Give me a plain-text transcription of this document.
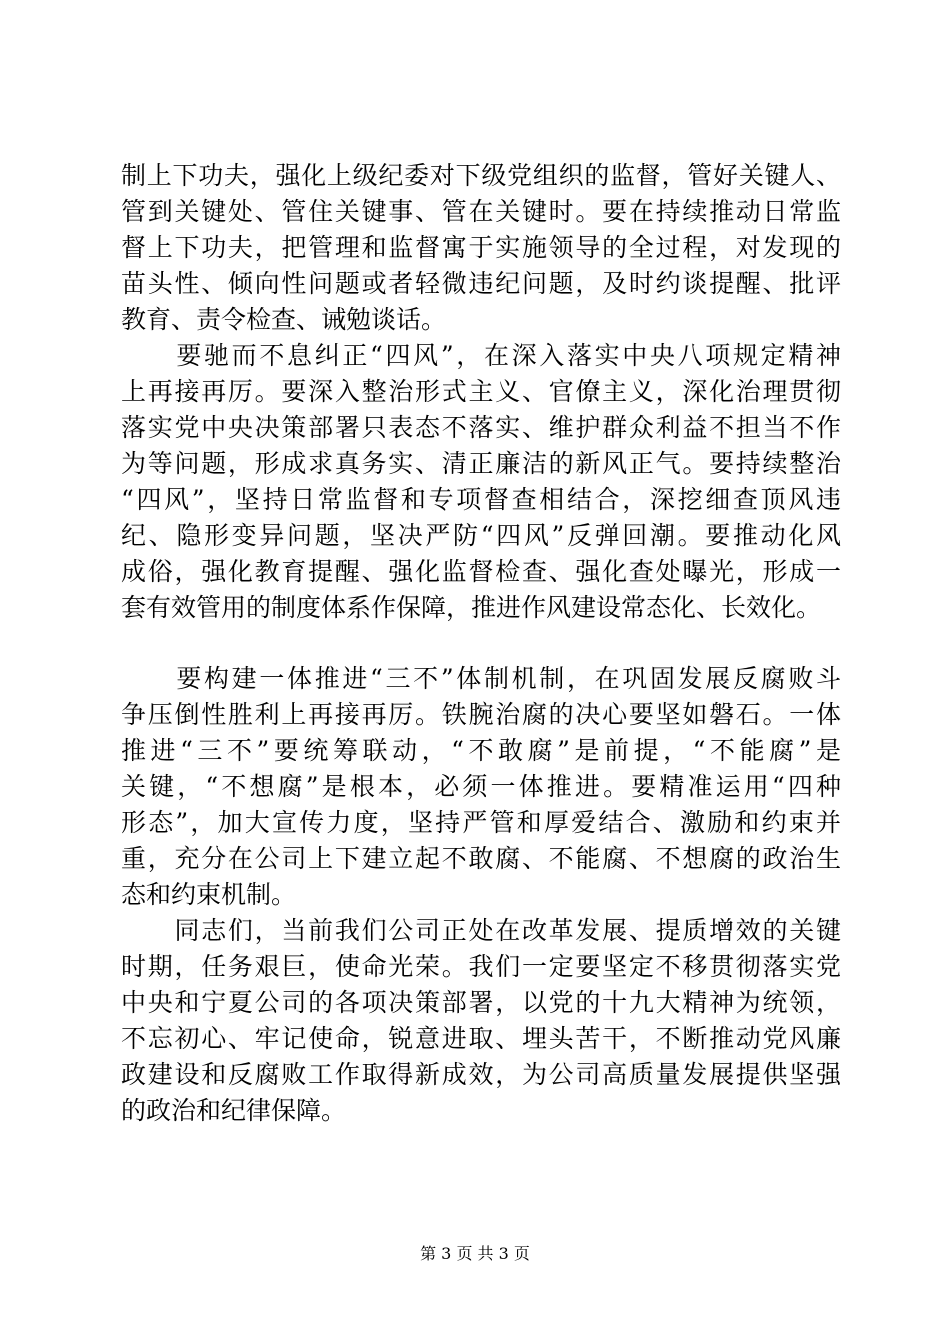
制上下功夫，强化上级纪委对下级党组织的监督，管好关键人、
管到关键处、管住关键事、管在关键时。要在持续推动日常监
督上下功夫，把管理和监督寓于实施领导的全过程，对发现的
苗头性、倾向性问题或者轻微违纪问题，及时约谈提醒、批评
教育、责令检查、诫勉谈话。
　　要驰而不息纠正“四风”，在深入落实中央八项规定精神
上再接再厉。要深入整治形式主义、官僚主义，深化治理贯彻
落实党中央决策部署只表态不落实、维护群众利益不担当不作
为等问题，形成求真务实、清正廉洁的新风正气。要持续整治
“四风”，坚持日常监督和专项督查相结合，深挖细查顶风违
纪、隐形变异问题，坚决严防“四风”反弹回潮。要推动化风
成俗，强化教育提醒、强化监督检查、强化查处曝光，形成一
套有效管用的制度体系作保障，推进作风建设常态化、长效化。
　　要构建一体推进“三不”体制机制，在巩固发展反腐败斗
争压倒性胜利上再接再厉。铁腕治腐的决心要坚如磐石。一体
推进“三不”要统筹联动，“不敢腐”是前提，“不能腐”是
关键，“不想腐”是根本，必须一体推进。要精准运用“四种
形态”，加大宣传力度，坚持严管和厚爱结合、激励和约束并
重，充分在公司上下建立起不敢腐、不能腐、不想腐的政治生
态和约束机制。
　　同志们，当前我们公司正处在改革发展、提质增效的关键
时期，任务艰巨，使命光荣。我们一定要坚定不移贯彻落实党
中央和宁夏公司的各项决策部署，以党的十九大精神为统领，
不忘初心、牢记使命，锐意进取、埋头苦干，不断推动党风廉
政建设和反腐败工作取得新成效，为公司高质量发展提供坚强
的政治和纪律保障。
第 3 页 共 3 页
